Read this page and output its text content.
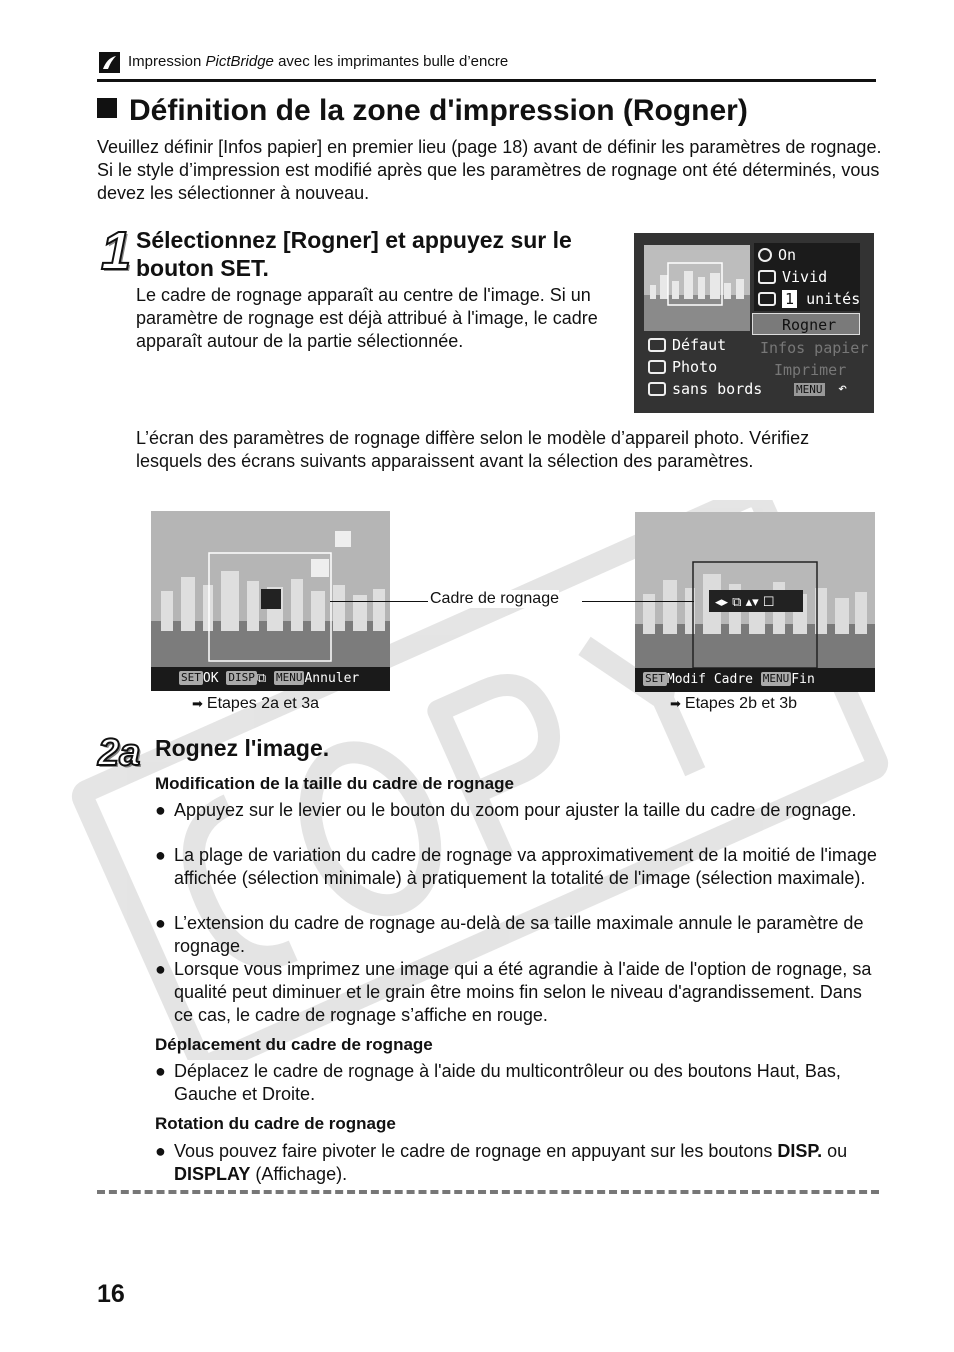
Impression PictBridge avec les imprimantes bulle d’encre
Définition de la zone d'impression (Rogner)
Veuillez définir [Infos papier] en premier lieu (page 18) avant de définir les paramètres de rognage. Si le style d’impression est modifié après que les paramètres de rognage ont été déterminés, vous devez les sélectionner à nouveau.
1 Sélectionnez [Rogner] et appuyez sur le bouton SET.
Le cadre de rognage apparaît au centre de l'image. Si un paramètre de rognage est déjà attribué à l'image, le cadre apparaît autour de la partie sélectionnée.
On
Vivid
1 unités
Rogner
Infos papier
Imprimer
Défaut
Photo
sans bords	MENU ↶
L’écran des paramètres de rognage diffère selon le modèle d’appareil photo. Vérifiez lesquels des écrans suivants apparaissent avant la sélection des paramètres.
SET OK DISP ⧉ MENU Annuler
◂▸ ⧉ ▴▾ ☐
SET Modif Cadre MENU Fin
Cadre de rognage
➡ Etapes 2a et 3a	➡ Etapes 2b et 3b
2a Rognez l'image.
Modification de la taille du cadre de rognage
● Appuyez sur le levier ou le bouton du zoom pour ajuster la taille du cadre de rognage.
● La plage de variation du cadre de rognage va approximativement de la moitié de l'image affichée (sélection minimale) à pratiquement la totalité de l'image (sélection maximale).
● L’extension du cadre de rognage au-delà de sa taille maximale annule le paramètre de rognage.
● Lorsque vous imprimez une image qui a été agrandie à l'aide de l'option de rognage, sa qualité peut diminuer et le grain être moins fin selon le niveau d'agrandissement. Dans ce cas, le cadre de rognage s’affiche en rouge.
Déplacement du cadre de rognage
● Déplacez le cadre de rognage à l'aide du multicontrôleur ou des boutons Haut, Bas, Gauche et Droite.
Rotation du cadre de rognage
● Vous pouvez faire pivoter le cadre de rognage en appuyant sur les boutons DISP. ou DISPLAY (Affichage).
16
